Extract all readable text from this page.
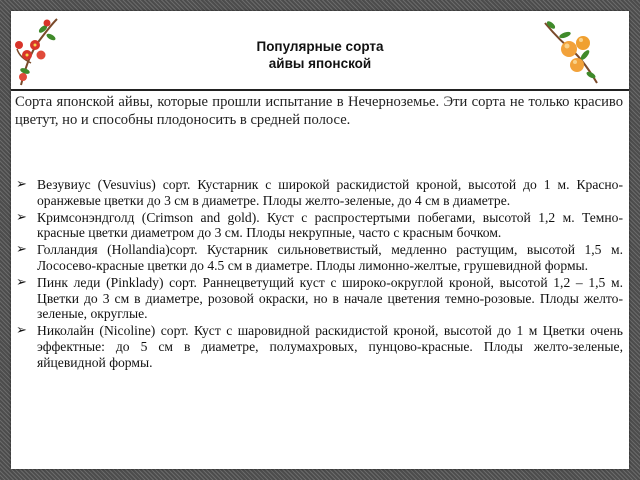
Популярные сорта
айвы японской
Сорта японской айвы, которые прошли испытание в Нечерноземье. Эти сорта не только красиво цветут, но и способны плодоносить в средней полосе.
➢ Везувиус (Vesuvius) сорт. Кустарник с широкой раскидистой кроной, высотой до 1 м. Красно-оранжевые цветки до 3 см в диаметре. Плоды желто-зеленые, до 4 см в диаметре.
➢ Кримсонэндголд (Crimson and gold). Куст с распростертыми побегами, высотой 1,2 м. Темно-красные цветки диаметром до 3 см. Плоды некрупные, часто с красным бочком.
➢ Голландия (Hollandia)сорт. Кустарник сильноветвистый, медленно растущим, высотой 1,5 м. Лососево-красные цветки до 4.5 см в диаметре. Плоды лимонно-желтые, грушевидной формы.
➢ Пинк леди (Pinklady) сорт. Раннецветущий куст с широко-округлой кроной, высотой 1,2 – 1,5 м. Цветки до 3 см в диаметре, розовой окраски, но в начале цветения темно-розовые. Плоды желто-зеленые, округлые.
➢ Николайн (Nicoline) сорт. Куст с шаровидной раскидистой кроной, высотой до 1 м Цветки очень эффектные: до 5 см в диаметре, полумахровых, пунцово-красные. Плоды желто-зеленые, яйцевидной формы.
